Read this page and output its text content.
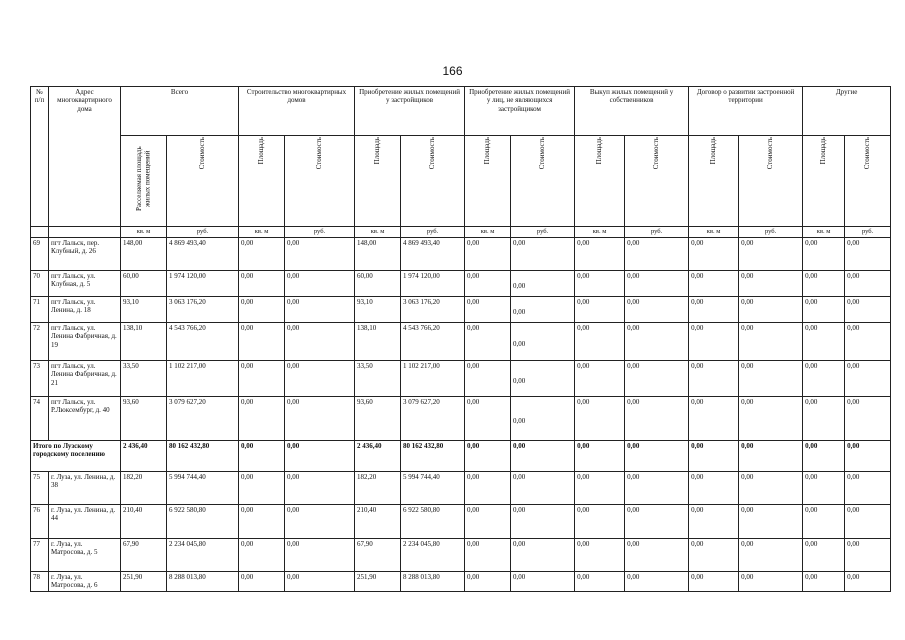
166
№ п/п	Адрес многоквартирного дома	Всего		Строительство многоквартирных домов		Приобретение жилых помещений у застройщиков		Приобретение жилых помещений у лиц, не являющихся застройщиком		Выкуп жилых помещений у собственников		Договор о развитии застроенной территории		Другие	
		Расселяемая площадь жилых помещений	Стоимость	Площадь	Стоимость	Площадь	Стоимость	Площадь	Стоимость	Площадь	Стоимость	Площадь	Стоимость	Площадь	Стоимость
		кв. м	руб.	кв. м	руб.	кв. м	руб.	кв. м	руб.	кв. м	руб.	кв. м	руб.	кв. м	руб.
69	пгт Лальск, пер. Клубный, д. 26	148,00	4 869 493,40	0,00	0,00	148,00	4 869 493,40	0,00	0,00	0,00	0,00	0,00	0,00	0,00	0,00
70	пгт Лальск, ул. Клубная, д. 5	60,00	1 974 120,00	0,00	0,00	60,00	1 974 120,00	0,00	0,00	0,00	0,00	0,00	0,00	0,00	0,00
71	пгт Лальск, ул. Ленина, д. 18	93,10	3 063 176,20	0,00	0,00	93,10	3 063 176,20	0,00	0,00	0,00	0,00	0,00	0,00	0,00	0,00
72	пгт Лальск, ул. Ленина Фабричная, д. 19	138,10	4 543 766,20	0,00	0,00	138,10	4 543 766,20	0,00	0,00	0,00	0,00	0,00	0,00	0,00	0,00
73	пгт Лальск, ул. Ленина Фабричная, д. 21	33,50	1 102 217,00	0,00	0,00	33,50	1 102 217,00	0,00	0,00	0,00	0,00	0,00	0,00	0,00	0,00
74	пгт Лальск, ул. Р.Люксембург, д. 40	93,60	3 079 627,20	0,00	0,00	93,60	3 079 627,20	0,00	0,00	0,00	0,00	0,00	0,00	0,00	0,00
Итого по Лузскому городскому поселению		2 436,40	80 162 432,80	0,00	0,00	2 436,40	80 162 432,80	0,00	0,00	0,00	0,00	0,00	0,00	0,00	0,00
75	г. Луза, ул. Ленина, д. 38	182,20	5 994 744,40	0,00	0,00	182,20	5 994 744,40	0,00	0,00	0,00	0,00	0,00	0,00	0,00	0,00
76	г. Луза, ул. Ленина, д. 44	210,40	6 922 580,80	0,00	0,00	210,40	6 922 580,80	0,00	0,00	0,00	0,00	0,00	0,00	0,00	0,00
77	г. Луза, ул. Матросова, д. 5	67,90	2 234 045,80	0,00	0,00	67,90	2 234 045,80	0,00	0,00	0,00	0,00	0,00	0,00	0,00	0,00
78	г. Луза, ул. Матросова, д. 6	251,90	8 288 013,80	0,00	0,00	251,90	8 288 013,80	0,00	0,00	0,00	0,00	0,00	0,00	0,00	0,00
